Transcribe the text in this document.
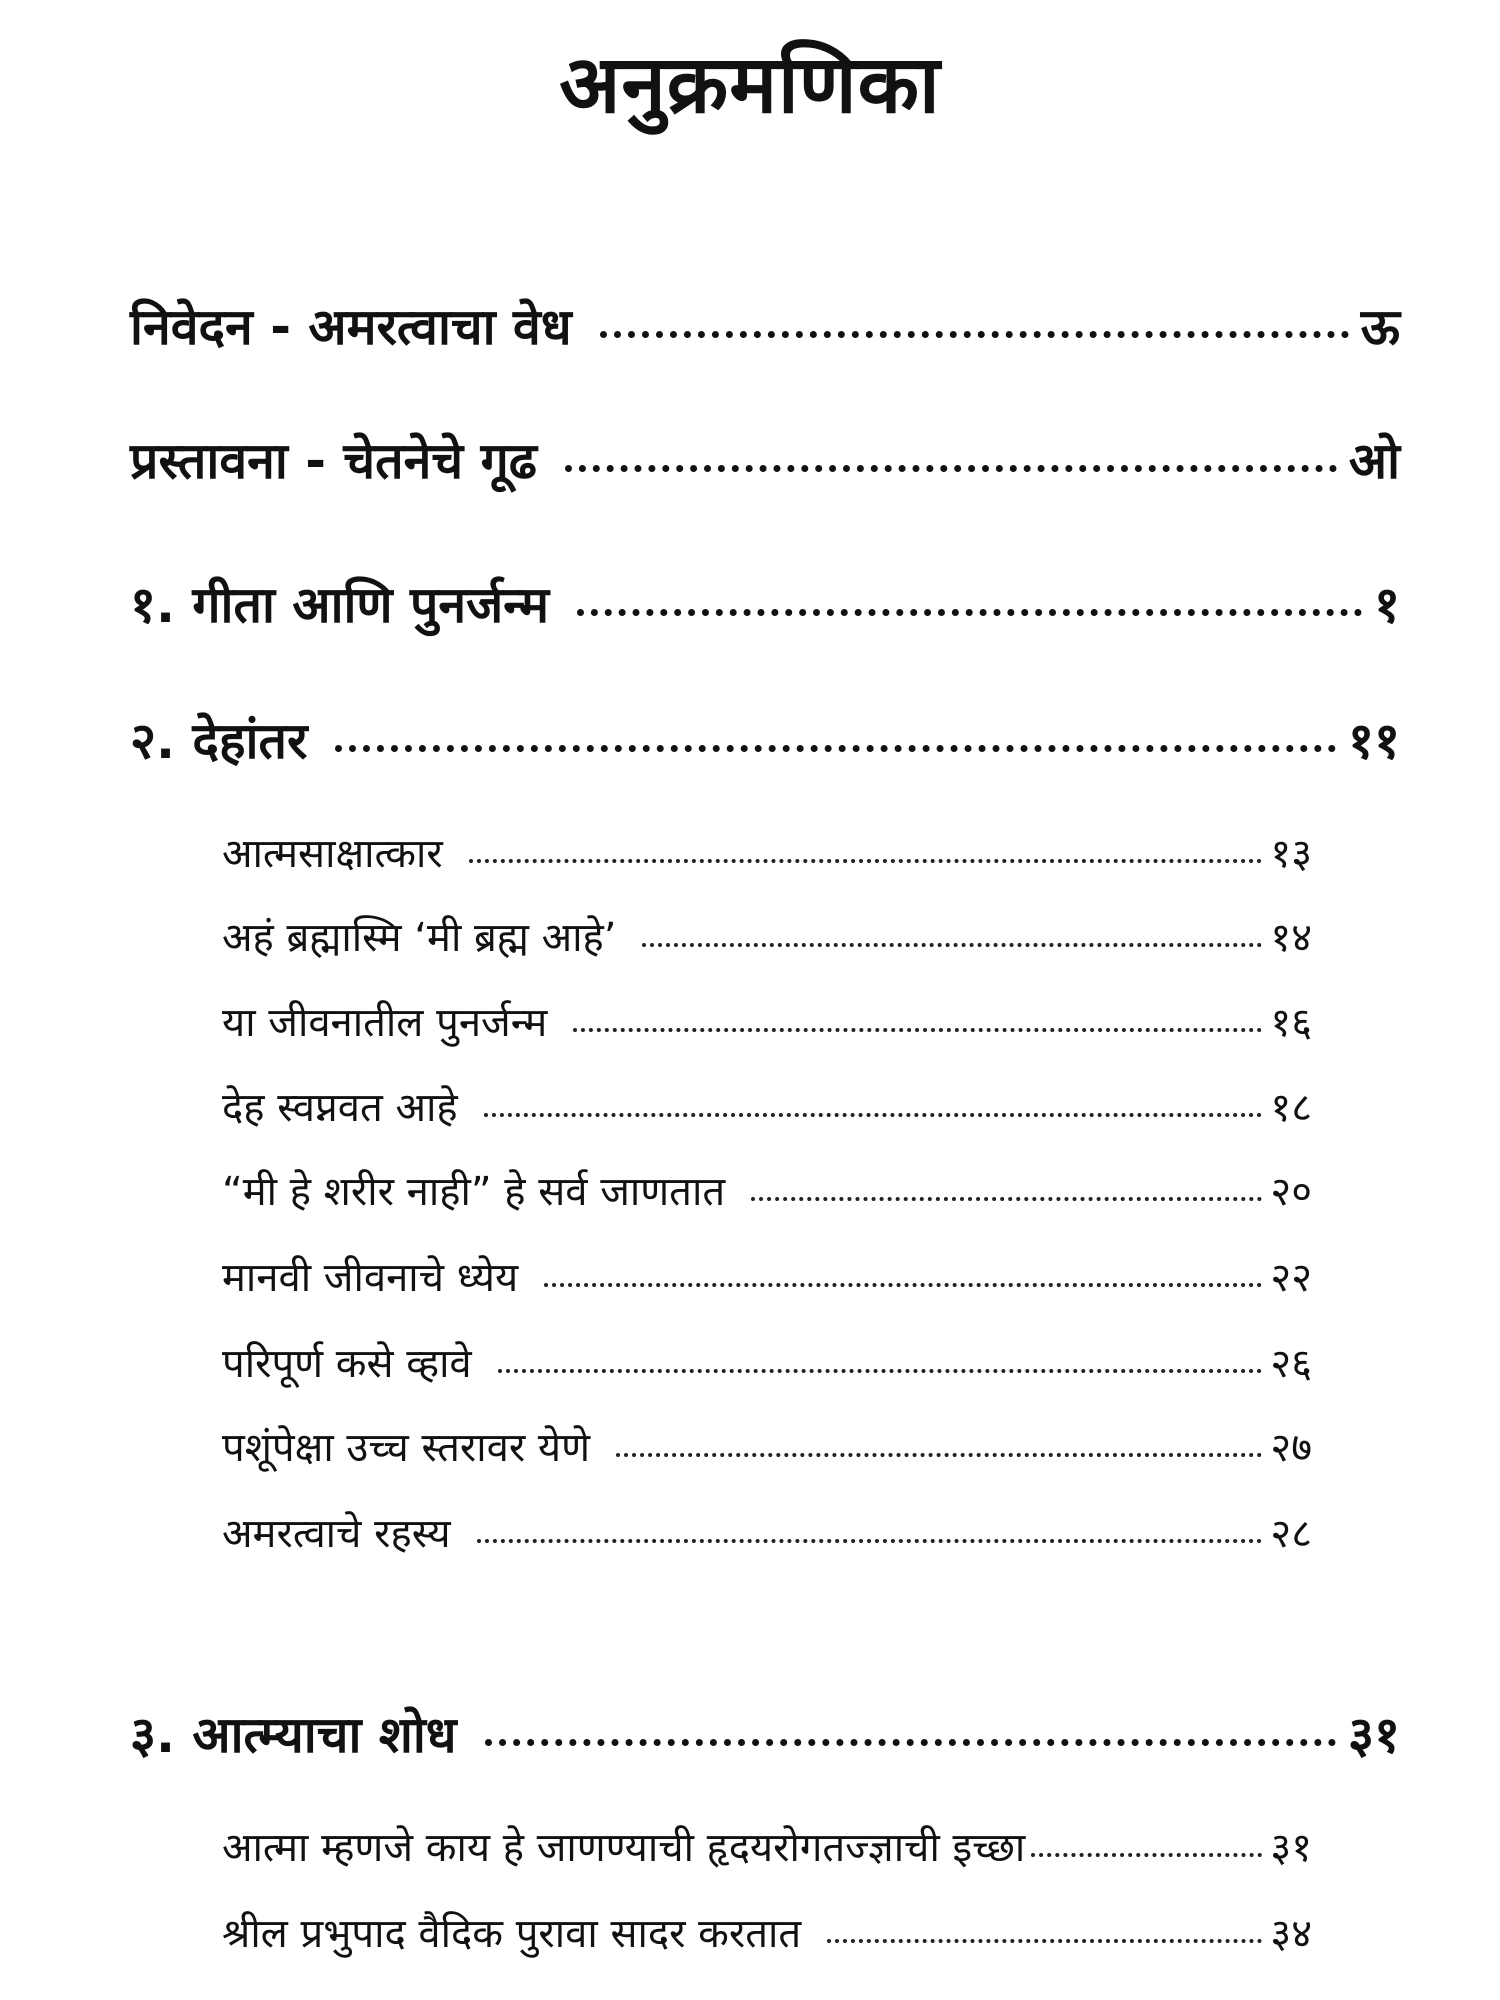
अनुक्रमणिका
निवेदन - अमरत्वाचा वेध	ऊ
प्रस्तावना - चेतनेचे गूढ	ओ
१. गीता आणि पुनर्जन्म	१
२. देहांतर	११
आत्मसाक्षात्कार	१३
अहं ब्रह्मास्मि ‘मी ब्रह्म आहे’	१४
या जीवनातील पुनर्जन्म	१६
देह स्वप्नवत आहे	१८
“मी हे शरीर नाही” हे सर्व जाणतात	२०
मानवी जीवनाचे ध्येय	२२
परिपूर्ण कसे व्हावे	२६
पशूंपेक्षा उच्च स्तरावर येणे	२७
अमरत्वाचे रहस्य	२८
३. आत्म्याचा शोध	३१
आत्मा म्हणजे काय हे जाणण्याची हृदयरोगतज्ज्ञाची इच्छा	३१
श्रील प्रभुपाद वैदिक पुरावा सादर करतात	३४
